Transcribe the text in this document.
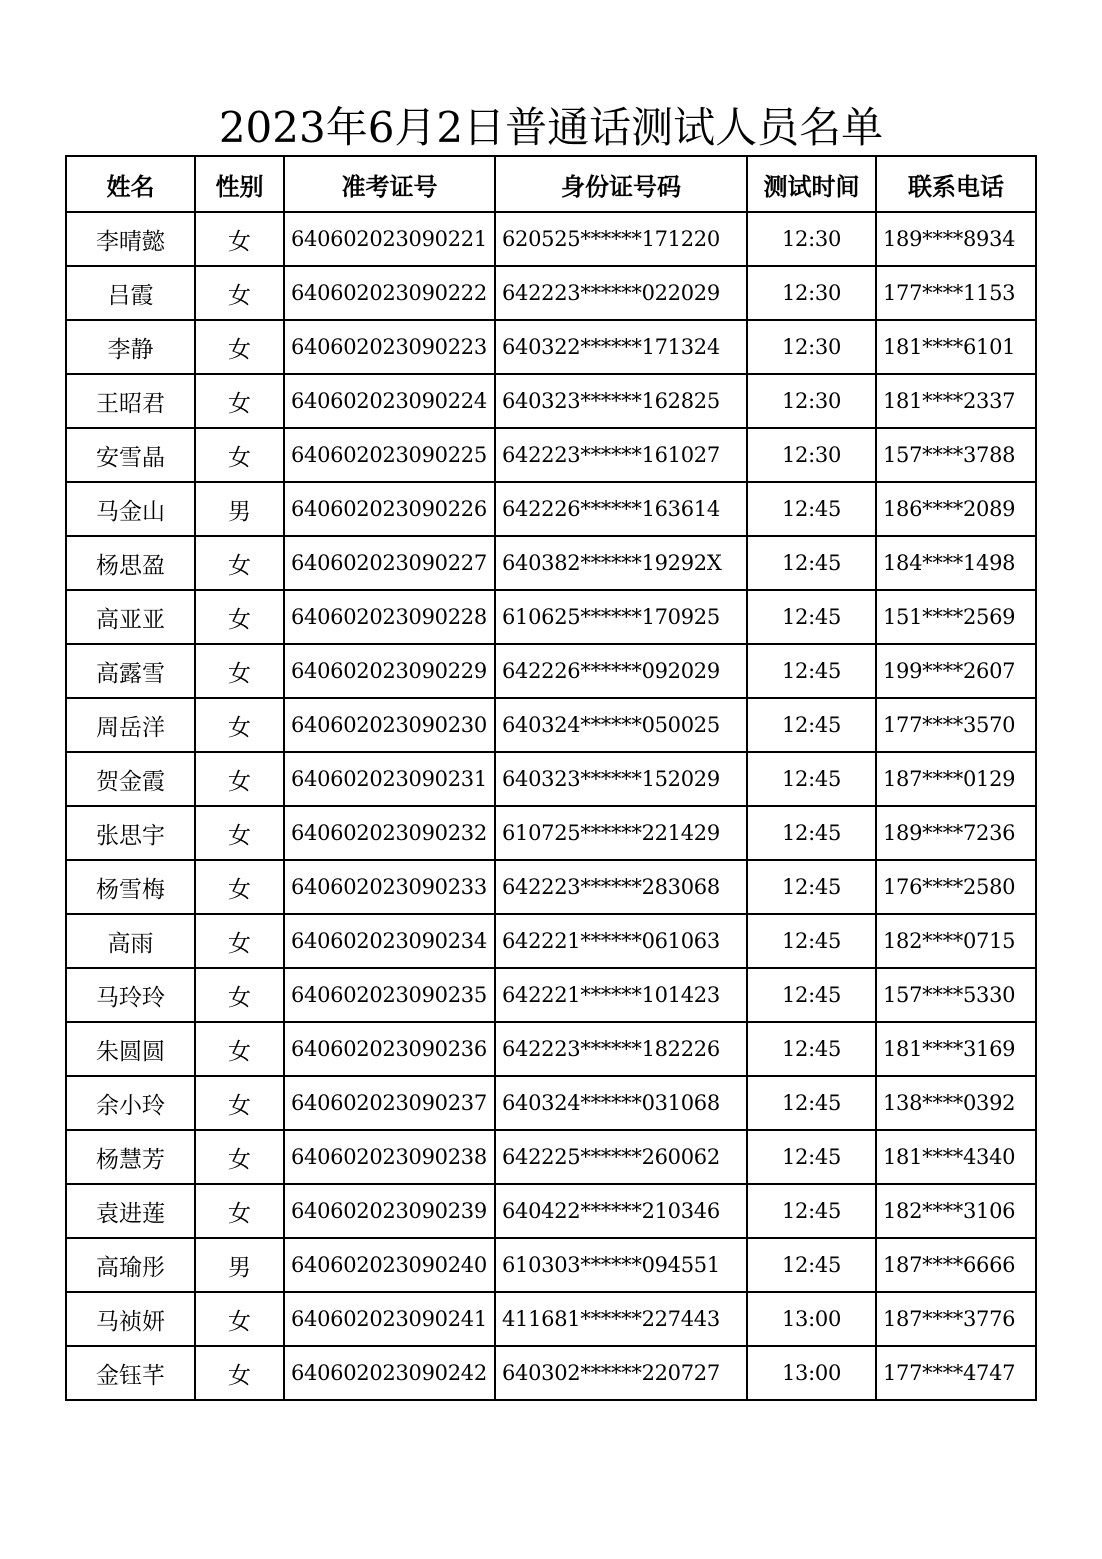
2023年6月2日普通话测试人员名单
姓名	性别	准考证号	身份证号码	测试时间	联系电话
李晴懿	女	640602023090221	620525******171220	12:30	189****8934
吕霞	女	640602023090222	642223******022029	12:30	177****1153
李静	女	640602023090223	640322******171324	12:30	181****6101
王昭君	女	640602023090224	640323******162825	12:30	181****2337
安雪晶	女	640602023090225	642223******161027	12:30	157****3788
马金山	男	640602023090226	642226******163614	12:45	186****2089
杨思盈	女	640602023090227	640382******19292X	12:45	184****1498
高亚亚	女	640602023090228	610625******170925	12:45	151****2569
高露雪	女	640602023090229	642226******092029	12:45	199****2607
周岳洋	女	640602023090230	640324******050025	12:45	177****3570
贺金霞	女	640602023090231	640323******152029	12:45	187****0129
张思宇	女	640602023090232	610725******221429	12:45	189****7236
杨雪梅	女	640602023090233	642223******283068	12:45	176****2580
高雨	女	640602023090234	642221******061063	12:45	182****0715
马玲玲	女	640602023090235	642221******101423	12:45	157****5330
朱圆圆	女	640602023090236	642223******182226	12:45	181****3169
余小玲	女	640602023090237	640324******031068	12:45	138****0392
杨慧芳	女	640602023090238	642225******260062	12:45	181****4340
袁进莲	女	640602023090239	640422******210346	12:45	182****3106
高瑜彤	男	640602023090240	610303******094551	12:45	187****6666
马祯妍	女	640602023090241	411681******227443	13:00	187****3776
金钰芊	女	640602023090242	640302******220727	13:00	177****4747
